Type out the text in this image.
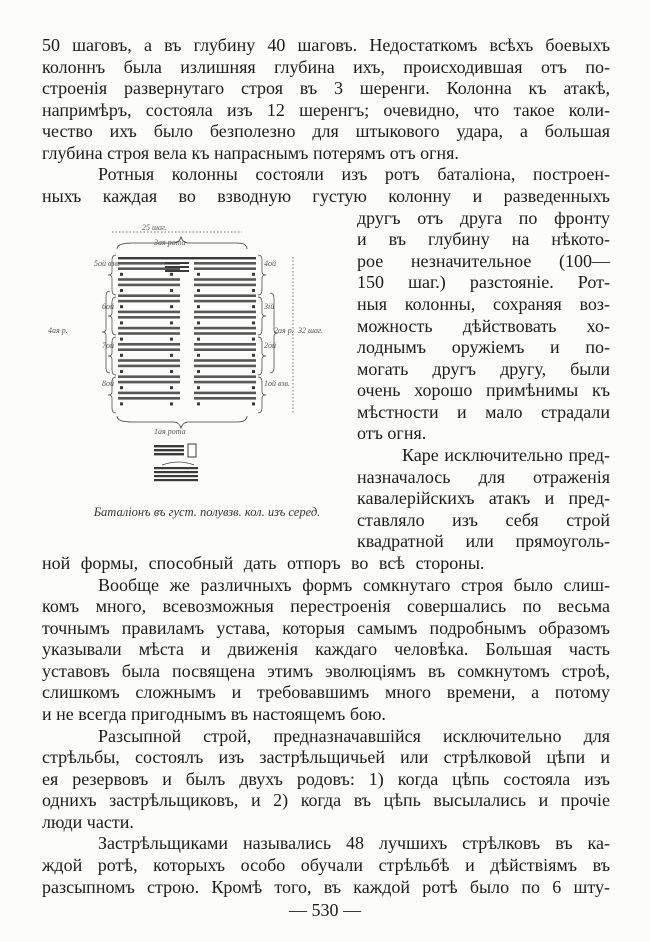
50 шаговъ, а въ глубину 40 шаговъ. Недостаткомъ всѣхъ боевыхъ
колоннъ была излишняя глубина ихъ, происходившая отъ по-
строенія развернутаго строя въ 3 шеренги. Колонна къ атакѣ,
напримѣръ, состояла изъ 12 шеренгъ; очевидно, что такое коли-
чество ихъ было безполезно для штыкового удара, а большая
глубина строя вела къ напраснымъ потерямъ отъ огня.
Ротныя колонны состояли изъ ротъ баталіона, построен-
ныхъ каждая во взводную густую колонну и разведенныхъ
другъ отъ друга по фронту
и въ глубину на нѣкото-
рое незначительное (100—
150 шаг.) разстояніе. Рот-
ныя колонны, сохраняя воз-
можность дѣйствовать хо-
лоднымъ оружіемъ и по-
могать другъ другу, были
очень хорошо примѣнимы къ
мѣстности и мало страдали
отъ огня.
Каре исключительно пред-
назначалось для отраженія
кавалерійскихъ атакъ и пред-
ставляло изъ себя строй
квадратной или прямоуголь-
ной формы, способный дать отпоръ во всѣ стороны.
Вообще же различныхъ формъ сомкнутаго строя было слиш-
комъ много, всевозможныя перестроенія совершались по весьма
точнымъ правиламъ устава, которыя самымъ подробнымъ образомъ
указывали мѣста и движенія каждаго человѣка. Большая часть
уставовъ была посвящена этимъ эволюціямъ въ сомкнутомъ строѣ,
слишкомъ сложнымъ и требовавшимъ много времени, а потому
и не всегда пригоднымъ въ настоящемъ бою.
Разсыпной строй, предназначавшійся исключительно для
стрѣльбы, состоялъ изъ застрѣльщичьей или стрѣлковой цѣпи и
ея резервовъ и былъ двухъ родовъ: 1) когда цѣпь состояла изъ
однихъ застрѣльщиковъ, и 2) когда въ цѣпь высылались и прочіе
люди части.
Застрѣльщиками назывались 48 лучшихъ стрѣлковъ въ ка-
ждой ротѣ, которыхъ особо обучали стрѣльбѣ и дѣйствіямъ въ
разсыпномъ строю. Кромѣ того, въ каждой ротѣ было по 6 шту-
25 шаг.
3ая рота
1ая рота
4ая р.	2ая р. 32 шаг.
5ой взв.
6ой
7ой
8ой
4ой
3ій
2ой
1ой взв.
Баталіонъ въ густ. полувзв. кол. изъ серед.
— 530 —
